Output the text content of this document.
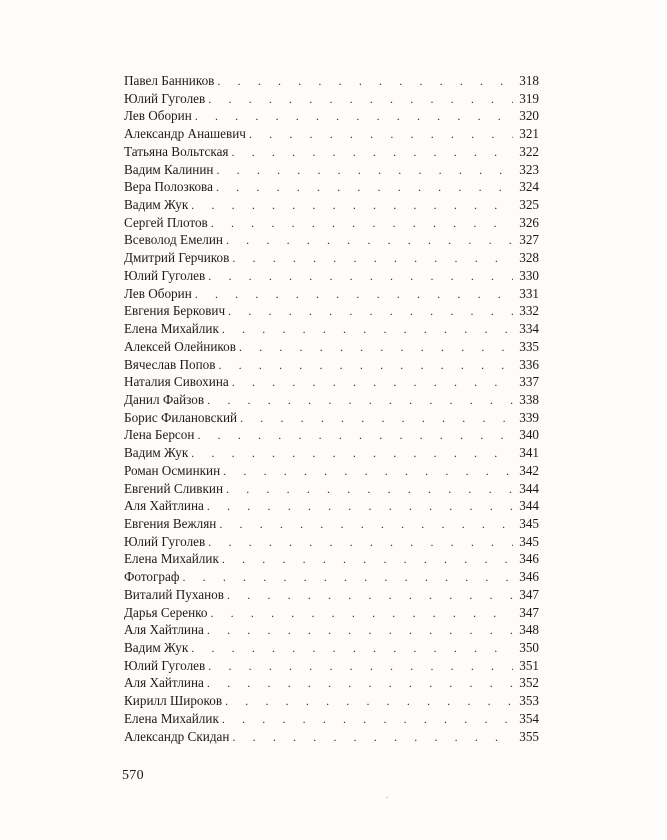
Павел Банников . . .	318
Юлий Гуголев . . .	319
Лев Оборин . . .	320
Александр Анашевич . . .	321
Татьяна Вольтская . . .	322
Вадим Калинин . . .	323
Вера Полозкова . . .	324
Вадим Жук . . .	325
Сергей Плотов . . .	326
Всеволод Емелин . . .	327
Дмитрий Герчиков . . .	328
Юлий Гуголев . . .	330
Лев Оборин . . .	331
Евгения Беркович . . .	332
Елена Михайлик . . .	334
Алексей Олейников . . .	335
Вячеслав Попов . . .	336
Наталия Сивохина . . .	337
Данил Файзов . . .	338
Борис Филановский . . .	339
Лена Берсон . . .	340
Вадим Жук . . .	341
Роман Осминкин . . .	342
Евгений Сливкин . . .	344
Аля Хайтлина . . .	344
Евгения Вежлян . . .	345
Юлий Гуголев . . .	345
Елена Михайлик . . .	346
Фотограф . . .	346
Виталий Пуханов . . .	347
Дарья Серенко . . .	347
Аля Хайтлина . . .	348
Вадим Жук . . .	350
Юлий Гуголев . . .	351
Аля Хайтлина . . .	352
Кирилл Широков . . .	353
Елена Михайлик . . .	354
Александр Скидан . . .	355
570
